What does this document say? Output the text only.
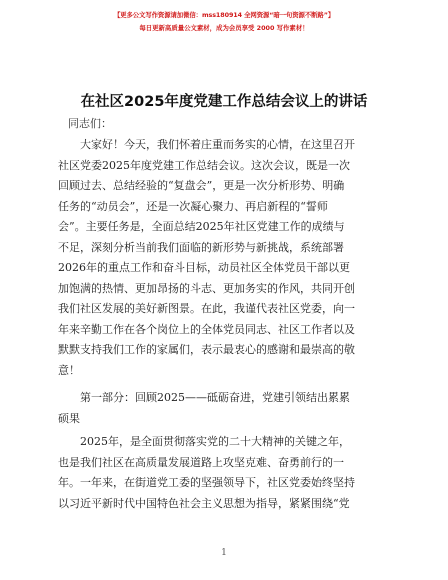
【更多公文写作资源请加微信：mss180914 全网资源“暗一句资源不断路”】
每日更新高质量公文素材，成为会员享受 2000 写作素材！
在社区2025年度党建工作总结会议上的讲话
同志们：
　　大家好！今天，我们怀着庄重而务实的心情，在这里召开
社区党委2025年度党建工作总结会议。这次会议，既是一次
回顾过去、总结经验的“复盘会”，更是一次分析形势、明确
任务的“动员会”，还是一次凝心聚力、再启新程的“誓师
会”。主要任务是，全面总结2025年社区党建工作的成绩与
不足，深刻分析当前我们面临的新形势与新挑战，系统部署
2026年的重点工作和奋斗目标，动员社区全体党员干部以更
加饱满的热情、更加昂扬的斗志、更加务实的作风，共同开创
我们社区发展的美好新图景。在此，我谨代表社区党委，向一
年来辛勤工作在各个岗位上的全体党员同志、社区工作者以及
默默支持我们工作的家属们，表示最衷心的感谢和最崇高的敬
意！
　　第一部分：回顾2025——砥砺奋进，党建引领结出累累
硕果
　　2025年，是全面贯彻落实党的二十大精神的关键之年，
也是我们社区在高质量发展道路上攻坚克难、奋勇前行的一
年。一年来，在街道党工委的坚强领导下，社区党委始终坚持
以习近平新时代中国特色社会主义思想为指导，紧紧围绕“党
1
